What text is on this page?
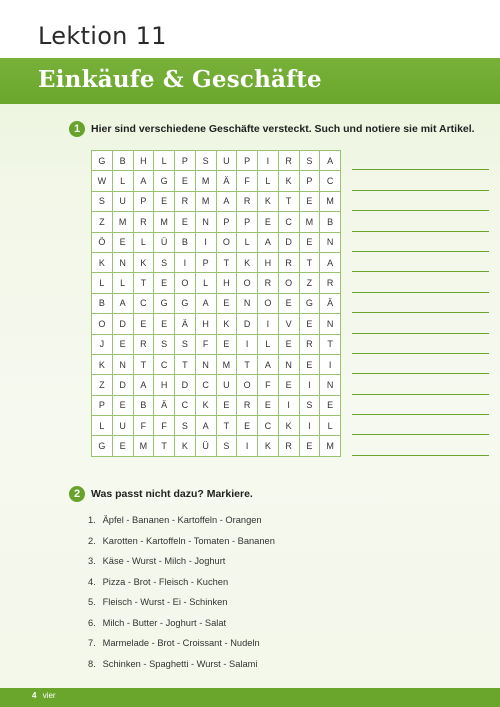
Lektion 11
Einkäufe & Geschäfte
1	Hier sind verschiedene Geschäfte versteckt. Such und notiere sie mit Artikel.
G	B	H	L	P	S	U	P	I	R	S	A
W	L	A	G	E	M	Ä	F	L	K	P	C
S	U	P	E	R	M	A	R	K	T	E	M
Z	M	R	M	E	N	P	P	E	C	M	B
Ö	E	L	Ü	B	I	O	L	A	D	E	N
K	N	K	S	I	P	T	K	H	R	T	A
L	L	T	E	O	L	H	O	R	O	Z	R
B	A	C	G	G	A	E	N	O	E	G	Ä
O	D	E	E	Ä	H	K	D	I	V	E	N
J	E	R	S	S	F	E	I	L	E	R	T
K	N	T	C	T	N	M	T	A	N	E	I
Z	D	A	H	D	C	U	O	F	E	I	N
P	E	B	Ä	C	K	E	R	E	I	S	E
L	U	F	F	S	A	T	E	C	K	I	L
G	E	M	T	K	Ü	S	I	K	R	E	M
2	Was passt nicht dazu? Markiere.
1. Äpfel - Bananen - Kartoffeln - Orangen
2. Karotten - Kartoffeln - Tomaten - Bananen
3. Käse - Wurst - Milch - Joghurt
4. Pizza - Brot - Fleisch - Kuchen
5. Fleisch - Wurst - Ei - Schinken
6. Milch - Butter - Joghurt - Salat
7. Marmelade - Brot - Croissant - Nudeln
8. Schinken - Spaghetti - Wurst - Salami
4 vier
